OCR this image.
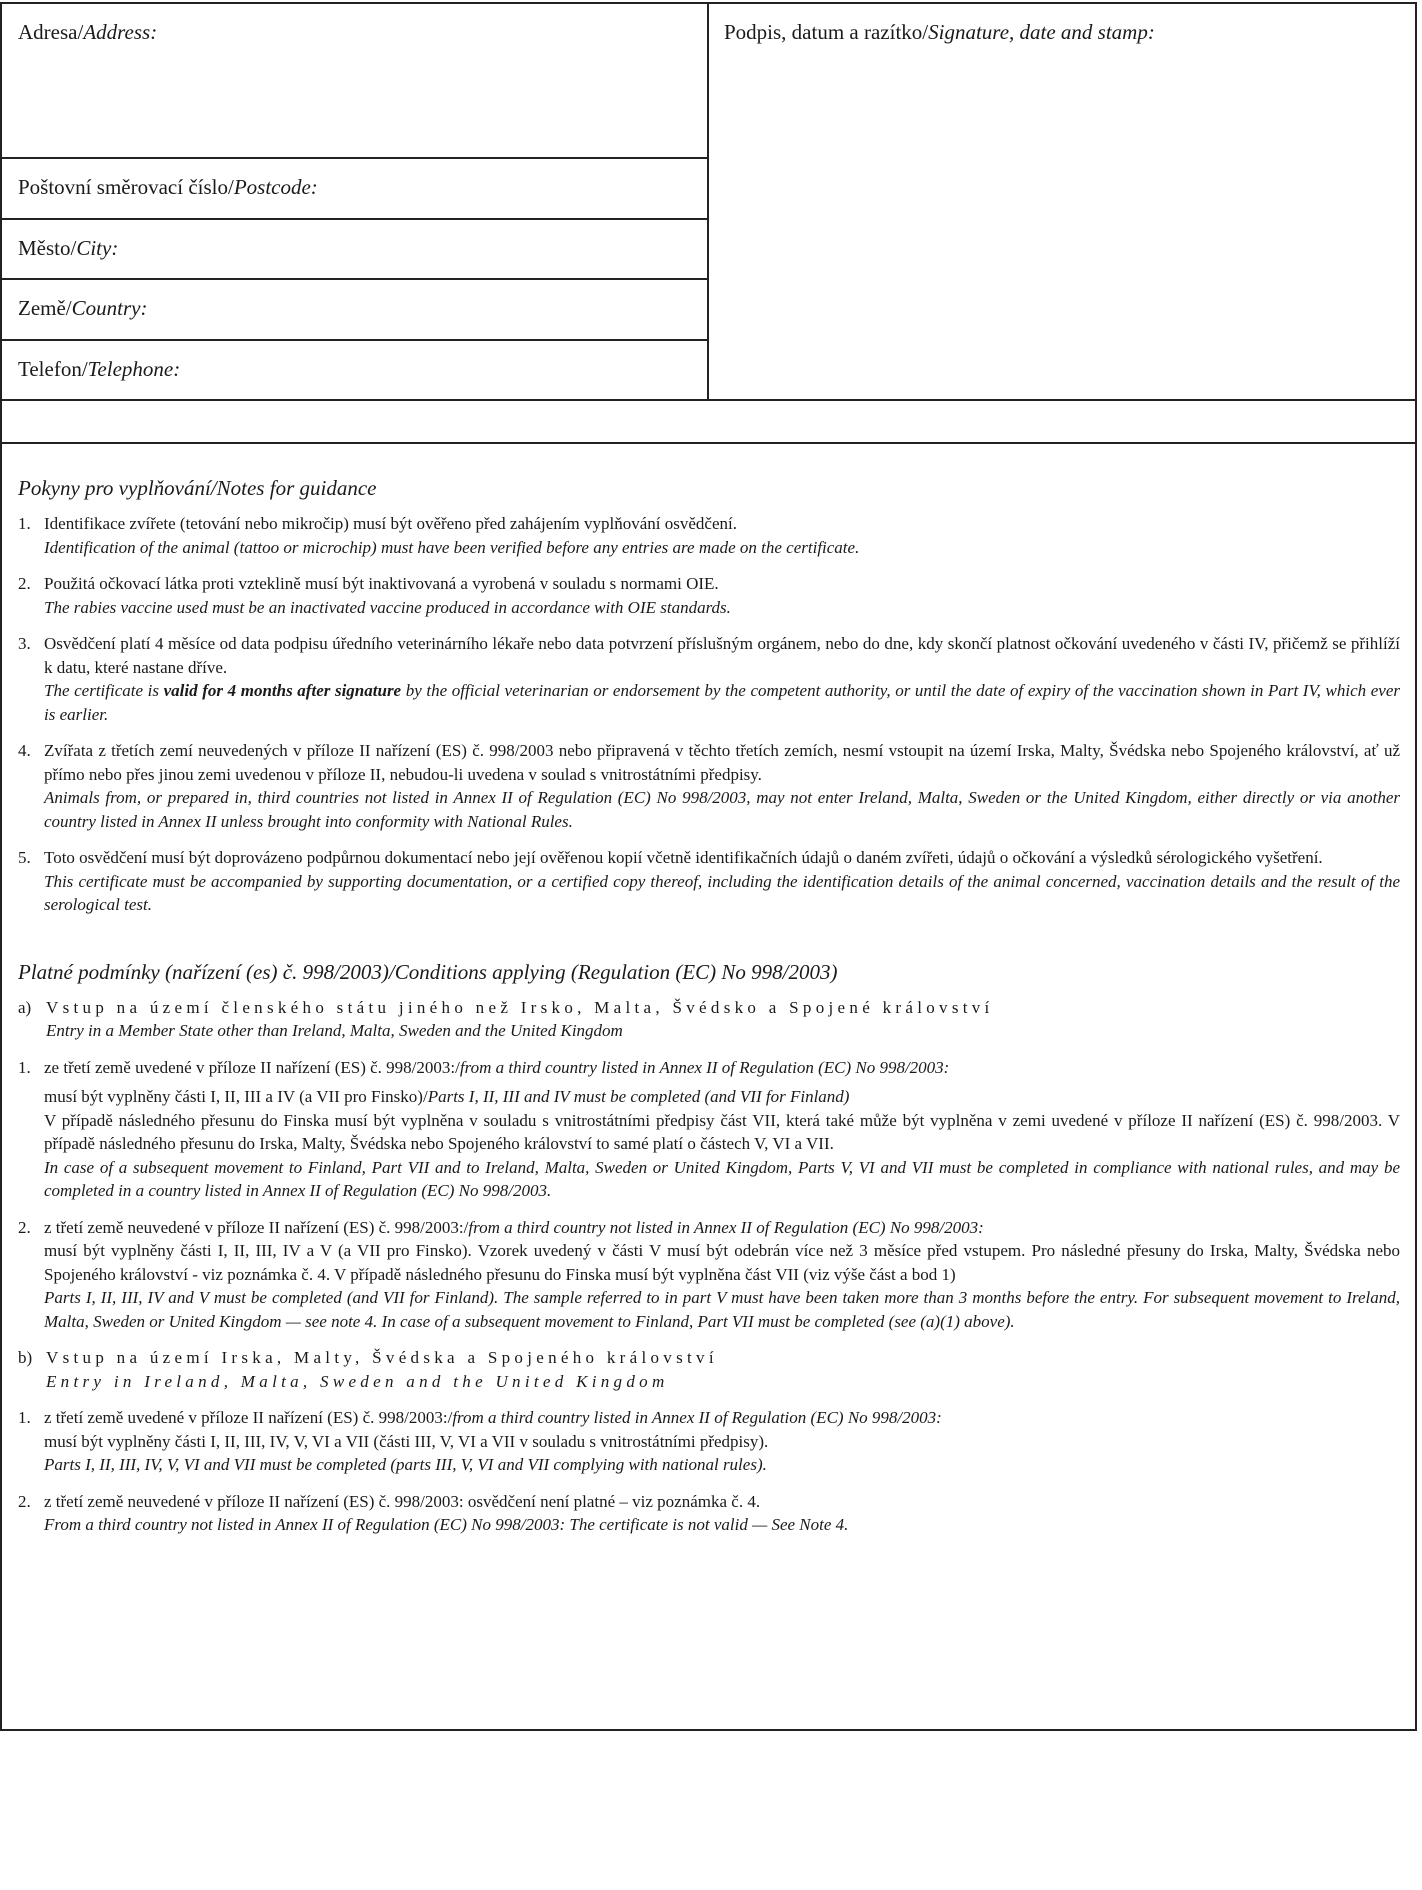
Adresa/Address:	Podpis, datum a razítko/Signature, date and stamp:
Poštovní směrovací číslo/Postcode:
Město/City:
Země/Country:
Telefon/Telephone:
Pokyny pro vyplňování/Notes for guidance
1. Identifikace zvířete (tetování nebo mikročip) musí být ověřeno před zahájením vyplňování osvědčení.
Identification of the animal (tattoo or microchip) must have been verified before any entries are made on the certificate.
2. Použitá očkovací látka proti vzteklině musí být inaktivovaná a vyrobená v souladu s normami OIE.
The rabies vaccine used must be an inactivated vaccine produced in accordance with OIE standards.
3. Osvědčení platí 4 měsíce od data podpisu úředního veterinárního lékaře nebo data potvrzení příslušným orgánem, nebo do dne, kdy skončí platnost očkování uvedeného v části IV, přičemž se přihlíží k datu, které nastane dříve.
The certificate is valid for 4 months after signature by the official veterinarian or endorsement by the competent authority, or until the date of expiry of the vaccination shown in Part IV, which ever is earlier.
4. Zvířata z třetích zemí neuvedených v příloze II nařízení (ES) č. 998/2003 nebo připravená v těchto třetích zemích, nesmí vstoupit na území Irska, Malty, Švédska nebo Spojeného království, ať už přímo nebo přes jinou zemi uvedenou v příloze II, nebudou-li uvedena v soulad s vnitrostátními předpisy.
Animals from, or prepared in, third countries not listed in Annex II of Regulation (EC) No 998/2003, may not enter Ireland, Malta, Sweden or the United Kingdom, either directly or via another country listed in Annex II unless brought into conformity with National Rules.
5. Toto osvědčení musí být doprovázeno podpůrnou dokumentací nebo její ověřenou kopií včetně identifikačních údajů o daném zvířeti, údajů o očkování a výsledků sérologického vyšetření.
This certificate must be accompanied by supporting documentation, or a certified copy thereof, including the identification details of the animal concerned, vaccination details and the result of the serological test.
Platné podmínky (nařízení (es) č. 998/2003)/Conditions applying (Regulation (EC) No 998/2003)
a) Vstup na území členského státu jiného než Irsko, Malta, Švédsko a Spojené království
Entry in a Member State other than Ireland, Malta, Sweden and the United Kingdom
1. ze třetí země uvedené v příloze II nařízení (ES) č. 998/2003:/from a third country listed in Annex II of Regulation (EC) No 998/2003:
musí být vyplněny části I, II, III a IV (a VII pro Finsko)/Parts I, II, III and IV must be completed (and VII for Finland)
V případě následného přesunu do Finska musí být vyplněna v souladu s vnitrostátními předpisy část VII, která také může být vyplněna v zemi uvedené v příloze II nařízení (ES) č. 998/2003. V případě následného přesunu do Irska, Malty, Švédska nebo Spojeného království to samé platí o částech V, VI a VII.
In case of a subsequent movement to Finland, Part VII and to Ireland, Malta, Sweden or United Kingdom, Parts V, VI and VII must be completed in compliance with national rules, and may be completed in a country listed in Annex II of Regulation (EC) No 998/2003.
2. z třetí země neuvedené v příloze II nařízení (ES) č. 998/2003:/from a third country not listed in Annex II of Regulation (EC) No 998/2003:
musí být vyplněny části I, II, III, IV a V (a VII pro Finsko). Vzorek uvedený v části V musí být odebrán více než 3 měsíce před vstupem. Pro následné přesuny do Irska, Malty, Švédska nebo Spojeného království - viz poznámka č. 4. V případě následného přesunu do Finska musí být vyplněna část VII (viz výše část a bod 1)
Parts I, II, III, IV and V must be completed (and VII for Finland). The sample referred to in part V must have been taken more than 3 months before the entry. For subsequent movement to Ireland, Malta, Sweden or United Kingdom — see note 4. In case of a subsequent movement to Finland, Part VII must be completed (see (a)(1) above).
b) Vstup na území Irska, Malty, Švédska a Spojeného království
Entry in Ireland, Malta, Sweden and the United Kingdom
1. z třetí země uvedené v příloze II nařízení (ES) č. 998/2003:/from a third country listed in Annex II of Regulation (EC) No 998/2003:
musí být vyplněny části I, II, III, IV, V, VI a VII (části III, V, VI a VII v souladu s vnitrostátními předpisy).
Parts I, II, III, IV, V, VI and VII must be completed (parts III, V, VI and VII complying with national rules).
2. z třetí země neuvedené v příloze II nařízení (ES) č. 998/2003: osvědčení není platné – viz poznámka č. 4.
From a third country not listed in Annex II of Regulation (EC) No 998/2003: The certificate is not valid — See Note 4.
